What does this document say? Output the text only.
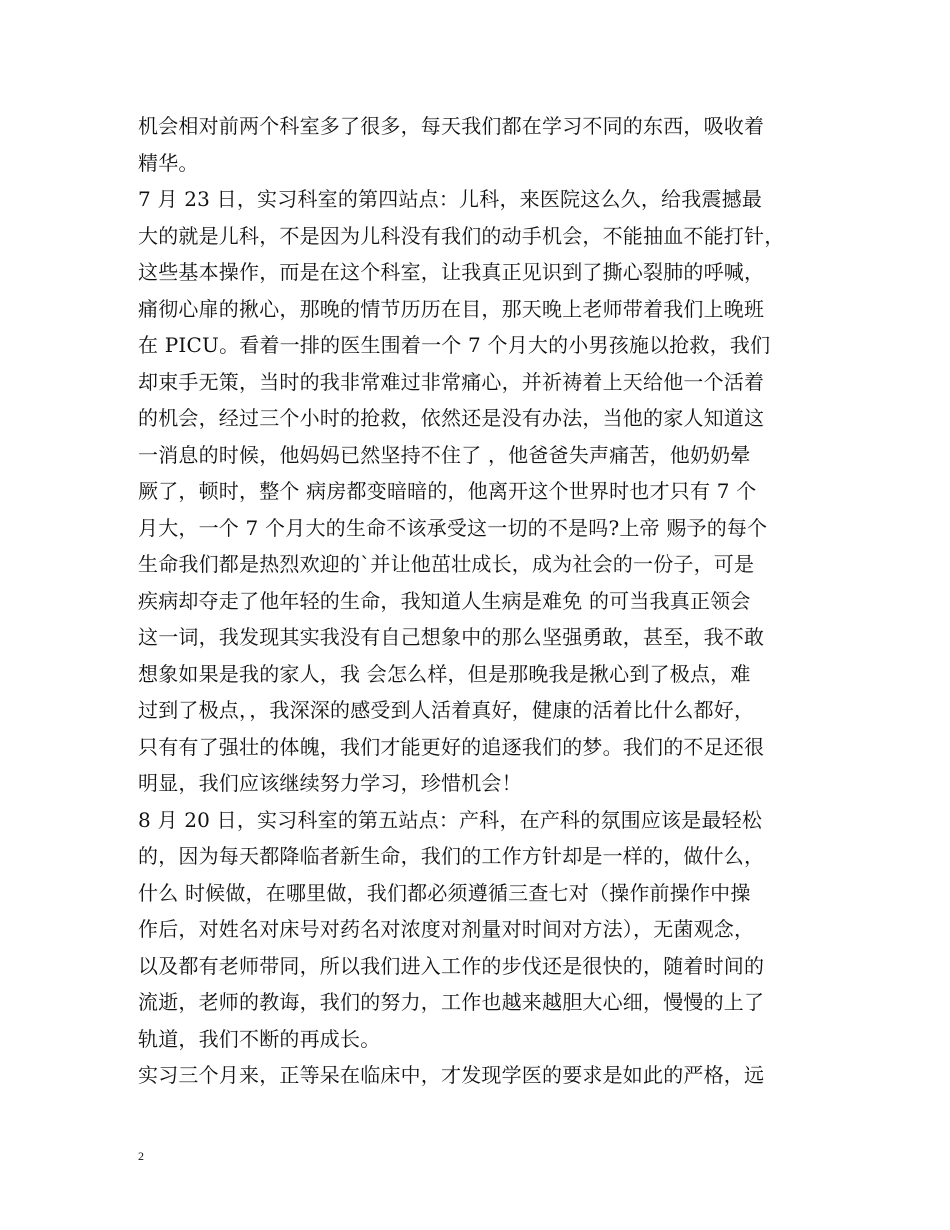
机会相对前两个科室多了很多，每天我们都在学习不同的东西，吸收着
精华。
7 月 23 日，实习科室的第四站点：儿科，来医院这么久，给我震撼最
大的就是儿科，不是因为儿科没有我们的动手机会，不能抽血不能打针，
这些基本操作，而是在这个科室，让我真正见识到了撕心裂肺的呼喊，
痛彻心扉的揪心，那晚的情节历历在目，那天晚上老师带着我们上晚班
在 PICU。看着一排的医生围着一个 7 个月大的小男孩施以抢救，我们
却束手无策，当时的我非常难过非常痛心，并祈祷着上天给他一个活着
的机会，经过三个小时的抢救，依然还是没有办法，当他的家人知道这
一消息的时候，他妈妈已然坚持不住了 ，他爸爸失声痛苦，他奶奶晕
厥了，顿时，整个 病房都变暗暗的，他离开这个世界时也才只有 7 个
月大，一个 7 个月大的生命不该承受这一切的不是吗?上帝 赐予的每个
生命我们都是热烈欢迎的`并让他茁壮成长，成为社会的一份子，可是
疾病却夺走了他年轻的生命，我知道人生病是难免 的可当我真正领会
这一词，我发现其实我没有自己想象中的那么坚强勇敢，甚至，我不敢
想象如果是我的家人，我 会怎么样，但是那晚我是揪心到了极点，难
过到了极点，，我深深的感受到人活着真好，健康的活着比什么都好，
只有有了强壮的体魄，我们才能更好的追逐我们的梦。我们的不足还很
明显，我们应该继续努力学习，珍惜机会！
8 月 20 日，实习科室的第五站点：产科，在产科的氛围应该是最轻松
的，因为每天都降临者新生命，我们的工作方针却是一样的，做什么，
什么 时候做，在哪里做，我们都必须遵循三查七对（操作前操作中操
作后，对姓名对床号对药名对浓度对剂量对时间对方法），无菌观念，
以及都有老师带同，所以我们进入工作的步伐还是很快的，随着时间的
流逝，老师的教诲，我们的努力，工作也越来越胆大心细，慢慢的上了
轨道，我们不断的再成长。
实习三个月来，正等呆在临床中，才发现学医的要求是如此的严格，远
2
